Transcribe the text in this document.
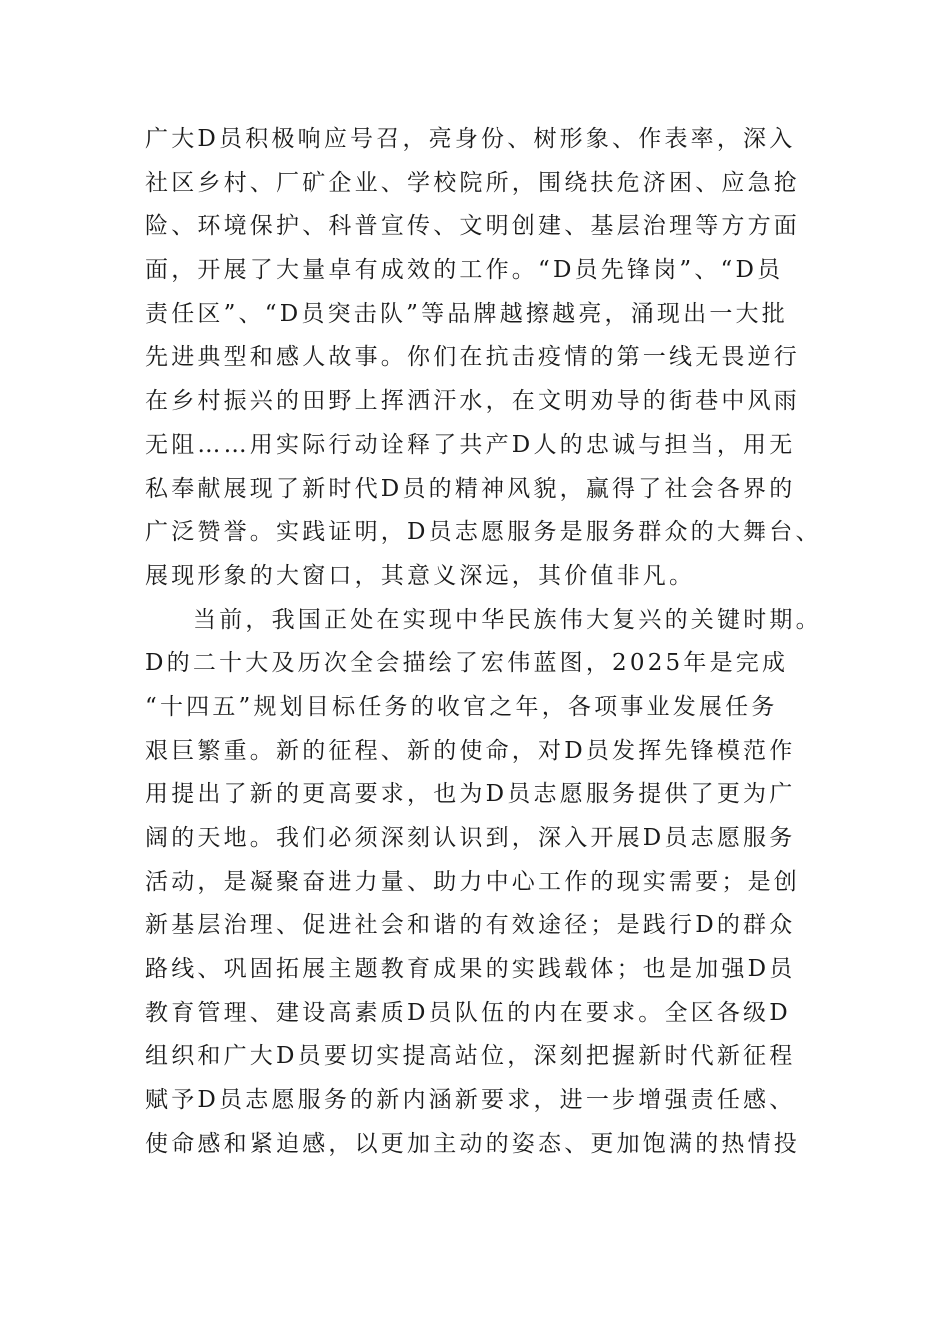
广大D员积极响应号召，亮身份、树形象、作表率，深入
社区乡村、厂矿企业、学校院所，围绕扶危济困、应急抢
险、环境保护、科普宣传、文明创建、基层治理等方方面
面，开展了大量卓有成效的工作。“D员先锋岗”、“D员
责任区”、“D员突击队”等品牌越擦越亮，涌现出一大批
先进典型和感人故事。你们在抗击疫情的第一线无畏逆行
在乡村振兴的田野上挥洒汗水，在文明劝导的街巷中风雨
无阻……用实际行动诠释了共产D人的忠诚与担当，用无
私奉献展现了新时代D员的精神风貌，赢得了社会各界的
广泛赞誉。实践证明，D员志愿服务是服务群众的大舞台、
展现形象的大窗口，其意义深远，其价值非凡。
当前，我国正处在实现中华民族伟大复兴的关键时期。
D的二十大及历次全会描绘了宏伟蓝图，2025年是完成
“十四五”规划目标任务的收官之年，各项事业发展任务
艰巨繁重。新的征程、新的使命，对D员发挥先锋模范作
用提出了新的更高要求，也为D员志愿服务提供了更为广
阔的天地。我们必须深刻认识到，深入开展D员志愿服务
活动，是凝聚奋进力量、助力中心工作的现实需要；是创
新基层治理、促进社会和谐的有效途径；是践行D的群众
路线、巩固拓展主题教育成果的实践载体；也是加强D员
教育管理、建设高素质D员队伍的内在要求。全区各级D
组织和广大D员要切实提高站位，深刻把握新时代新征程
赋予D员志愿服务的新内涵新要求，进一步增强责任感、
使命感和紧迫感，以更加主动的姿态、更加饱满的热情投
